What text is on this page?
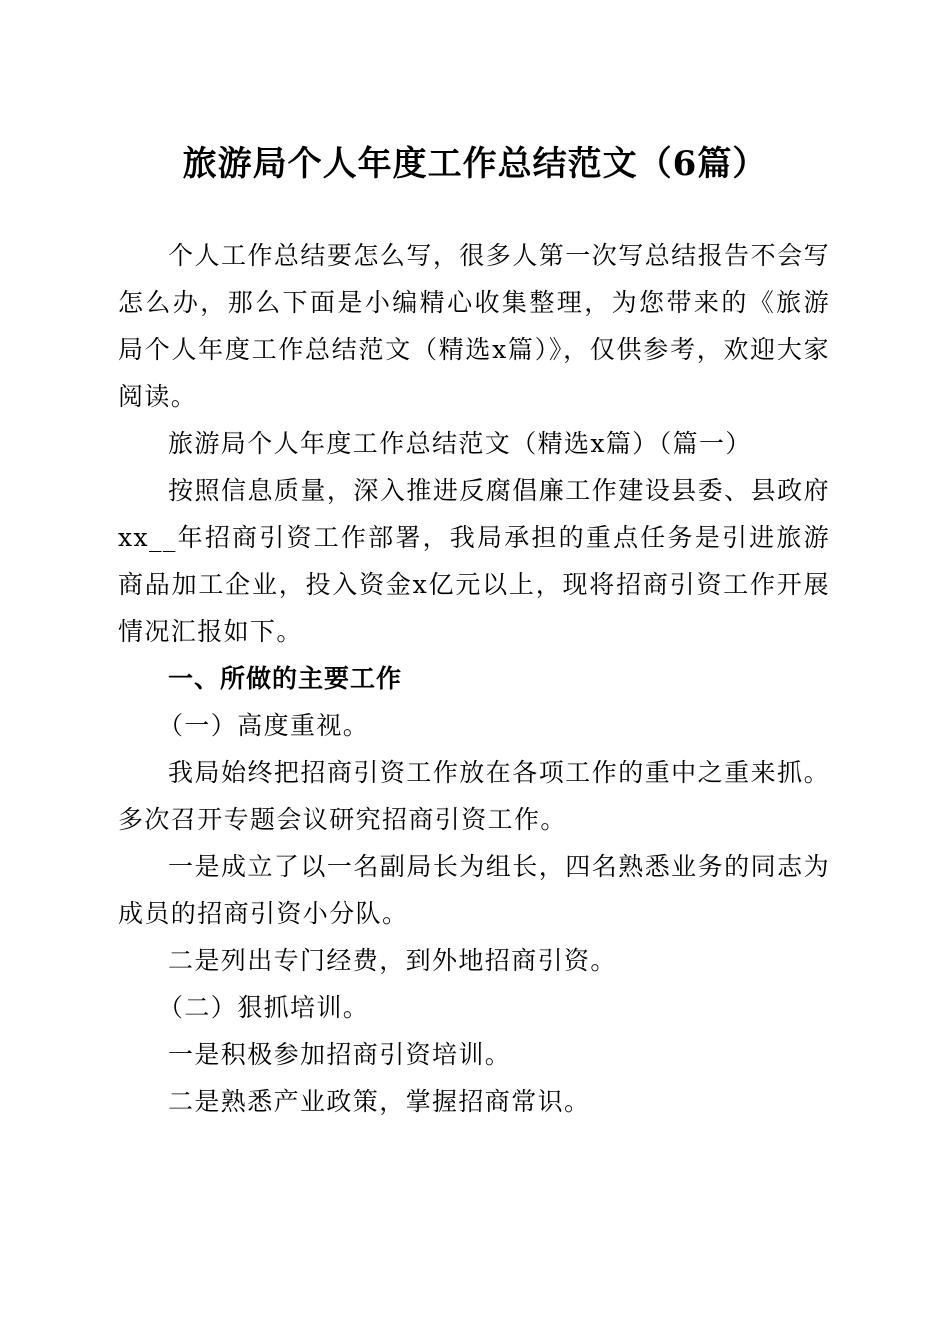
旅游局个人年度工作总结范文（6篇）

个人工作总结要怎么写，很多人第一次写总结报告不会写怎么办，那么下面是小编精心收集整理，为您带来的《旅游局个人年度工作总结范文（精选x篇）》，仅供参考，欢迎大家阅读。

旅游局个人年度工作总结范文（精选x篇）（篇一）

按照信息质量，深入推进反腐倡廉工作建设县委、县政府xx__年招商引资工作部署，我局承担的重点任务是引进旅游商品加工企业，投入资金x亿元以上，现将招商引资工作开展情况汇报如下。

一、所做的主要工作

（一）高度重视。

我局始终把招商引资工作放在各项工作的重中之重来抓。多次召开专题会议研究招商引资工作。

一是成立了以一名副局长为组长，四名熟悉业务的同志为成员的招商引资小分队。

二是列出专门经费，到外地招商引资。

（二）狠抓培训。

一是积极参加招商引资培训。

二是熟悉产业政策，掌握招商常识。
